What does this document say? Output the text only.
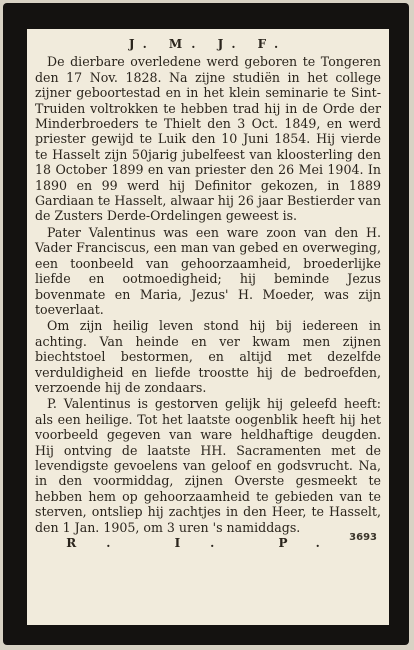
J. M. J. F.

De dierbare overledene werd geboren te Tongeren den 17 Nov. 1828. Na zijne studiën in het college zijner geboortestad en in het klein seminarie te Sint-Truiden voltrokken te hebben trad hij in de Orde der Minderbroeders te Thielt den 3 Oct. 1849, en werd priester gewijd te Luik den 10 Juni 1854. Hij vierde te Hasselt zijn 50jarig jubelfeest van kloosterling den 18 October 1899 en van priester den 26 Mei 1904. In 1890 en 99 werd hij Definitor gekozen, in 1889 Gardiaan te Hasselt, alwaar hij 26 jaar Bestierder van de Zusters Derde-Ordelingen geweest is.

Pater Valentinus was een ware zoon van den H. Vader Franciscus, een man van gebed en overweging, een toonbeeld van gehoorzaamheid, broederlijke liefde en ootmoedigheid; hij beminde Jezus bovenmate en Maria, Jezus' H. Moeder, was zijn toeverlaat.

Om zijn heilig leven stond hij bij iedereen in achting. Van heinde en ver kwam men zijnen biechtstoel bestormen, en altijd met dezelfde verduldigheid en liefde troostte hij de bedroefden, verzoende hij de zondaars.

P. Valentinus is gestorven gelijk hij geleefd heeft: als een heilige. Tot het laatste oogenblik heeft hij het voorbeeld gegeven van ware heldhaftige deugden. Hij ontving de laatste HH. Sacramenten met de levendigste gevoelens van geloof en godsvrucht. Na, in den voormiddag, zijnen Overste gesmeekt te hebben hem op gehoorzaamheid te gebieden van te sterven, ontsliep hij zachtjes in den Heer, te Hasselt, den 1 Jan. 1905, om 3 uren 's namiddags.

R. I. P. 3693
